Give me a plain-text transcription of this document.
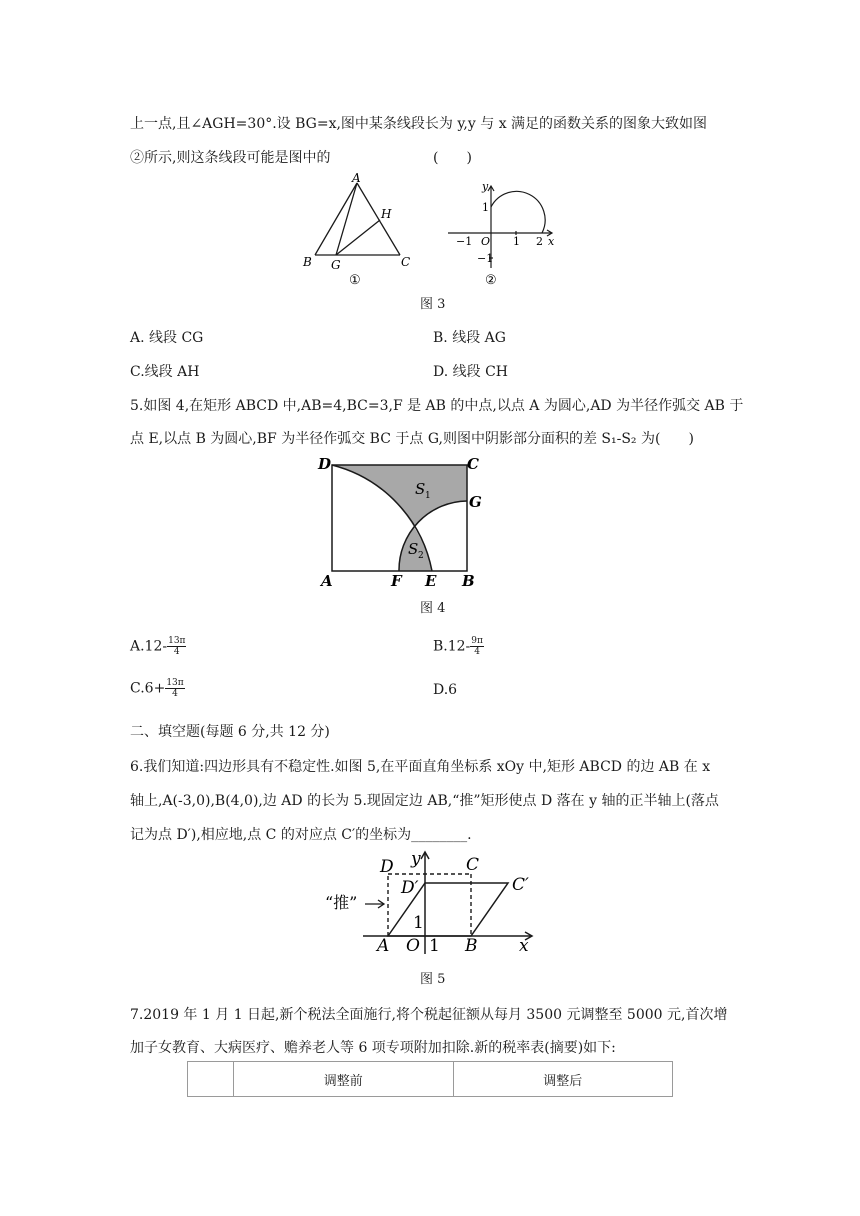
上一点,且∠AGH=30°.设 BG=x,图中某条线段长为 y,y 与 x 满足的函数关系的图象大致如图
②所示,则这条线段可能是图中的	(　　)
A
B	C
G
H
①
y
x
1
−1 O 1 2
−1
②
图 3
A. 线段 CG	B. 线段 AG
C.线段 AH	D. 线段 CH
5.如图 4,在矩形 ABCD 中,AB=4,BC=3,F 是 AB 的中点,以点 A 为圆心,AD 为半径作弧交 AB 于
点 E,以点 B 为圆心,BF 为半径作弧交 BC 于点 G,则图中阴影部分面积的差 S₁-S₂ 为(　　)
D	C
G
A	F E B
S 1
S 2
图 4
$A.12- \frac{13\pi}{4}$	$B.12- \frac{9\pi}{4}$
$C.6+ \frac{13\pi}{4}$	D.6
二、填空题(每题 6 分,共 12 分)
6.我们知道:四边形具有不稳定性.如图 5,在平面直角坐标系 xOy 中,矩形 ABCD 的边 AB 在 x
轴上,A(-3,0),B(4,0),边 AD 的长为 5.现固定边 AB,“推”矩形使点 D 落在 y 轴的正半轴上(落点
记为点 D′),相应地,点 C 的对应点 C′的坐标为________.
D y	C
D′	C′
“推”
1
A O 1 B x
图 5
7.2019 年 1 月 1 日起,新个税法全面施行,将个税起征额从每月 3500 元调整至 5000 元,首次增
加子女教育、大病医疗、赡养老人等 6 项专项附加扣除.新的税率表(摘要)如下:
	调整前	调整后
